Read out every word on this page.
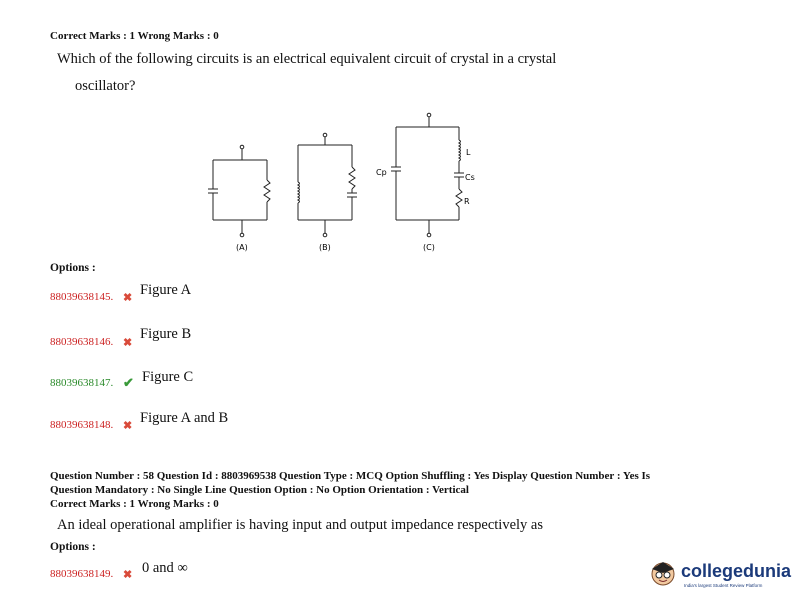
Correct Marks : 1 Wrong Marks : 0
Which of the following circuits is an electrical equivalent circuit of crystal in a crystal
oscillator?
Cp
L
Cs
R
(A)	(B)	(C)
Options :
88039638145. ✖ Figure A
88039638146. ✖
Figure B
88039638147. ✔ Figure C
88039638148. ✖ Figure A and B
Question Number : 58 Question Id : 8803969538 Question Type : MCQ Option Shuffling : Yes Display Question Number : Yes Is
Question Mandatory : No Single Line Question Option : No Option Orientation : Vertical
Correct Marks : 1 Wrong Marks : 0
An ideal operational amplifier is having input and output impedance respectively as
Options :
88039638149. ✖ 0 and ∞	collegedunia
India's largest Student Review Platform
